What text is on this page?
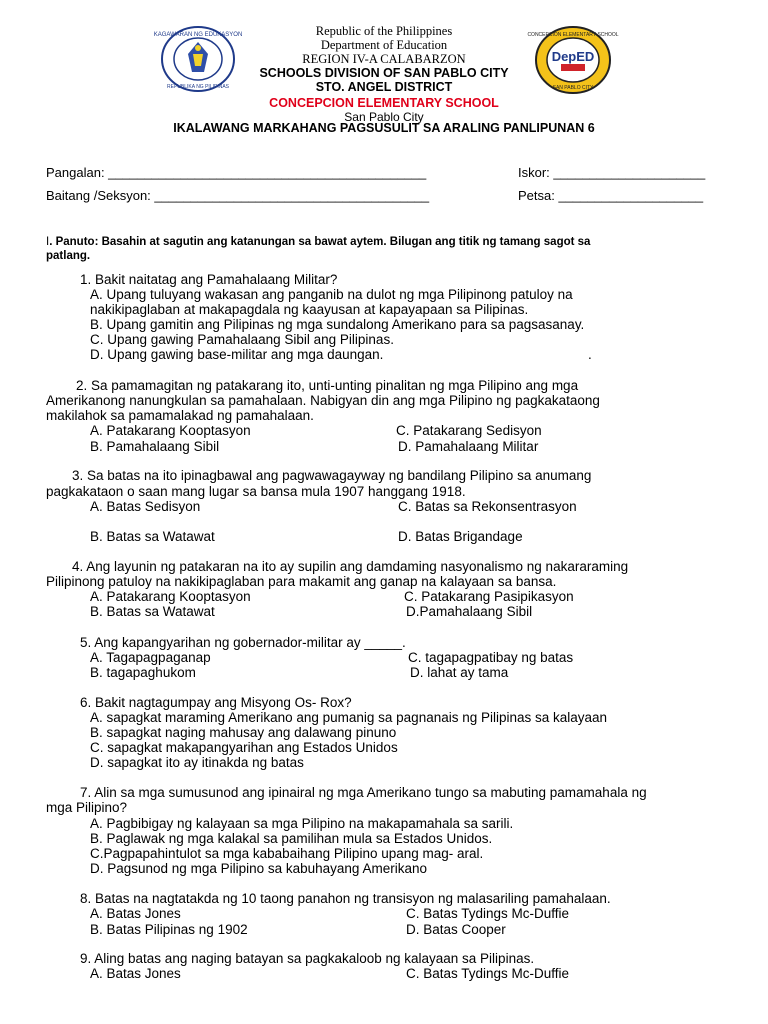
KAGAWARAN NG EDUKASYON
REPUBLIKA NG PILIPINAS
DepED
CONCEPCION ELEMENTARY SCHOOL
SAN PABLO CITY
Republic of the Philippines
Department of Education
REGION IV-A CALABARZON
SCHOOLS DIVISION OF SAN PABLO CITY
STO. ANGEL DISTRICT
CONCEPCION ELEMENTARY SCHOOL
San Pablo City
IKALAWANG MARKAHANG PAGSUSULIT SA ARALING PANLIPUNAN 6
Pangalan: ____________________________________________	Iskor: _____________________
Baitang /Seksyon: ______________________________________	Petsa: ____________________
I. Panuto: Basahin at sagutin ang katanungan sa bawat aytem. Bilugan ang titik ng tamang sagot sa
patlang.
1. Bakit naitatag ang Pamahalaang Militar?
A. Upang tuluyang wakasan ang panganib na dulot ng mga Pilipinong patuloy na
nakikipaglaban at makapagdala ng kaayusan at kapayapaan sa Pilipinas.
B. Upang gamitin ang Pilipinas ng mga sundalong Amerikano para sa pagsasanay.
C. Upang gawing Pamahalaang Sibil ang Pilipinas.
D. Upang gawing base-militar ang mga daungan.	.
2. Sa pamamagitan ng patakarang ito, unti-unting pinalitan ng mga Pilipino ang mga
Amerikanong nanungkulan sa pamahalaan. Nabigyan din ang mga Pilipino ng pagkakataong
makilahok sa pamamalakad ng pamahalaan.
A. Patakarang Kooptasyon	C. Patakarang Sedisyon
B. Pamahalaang Sibil	D. Pamahalaang Militar
3. Sa batas na ito ipinagbawal ang pagwawagayway ng bandilang Pilipino sa anumang
pagkakataon o saan mang lugar sa bansa mula 1907 hanggang 1918.
A. Batas Sedisyon	C. Batas sa Rekonsentrasyon
B. Batas sa Watawat	D. Batas Brigandage
4. Ang layunin ng patakaran na ito ay supilin ang damdaming nasyonalismo ng nakararaming
Pilipinong patuloy na nakikipaglaban para makamit ang ganap na kalayaan sa bansa.
A. Patakarang Kooptasyon	C. Patakarang Pasipikasyon
B. Batas sa Watawat	D.Pamahalaang Sibil
5. Ang kapangyarihan ng gobernador-militar ay _____.
A. Tagapagpaganap	C. tagapagpatibay ng batas
B. tagapaghukom	D. lahat ay tama
6. Bakit nagtagumpay ang Misyong Os- Rox?
A. sapagkat maraming Amerikano ang pumanig sa pagnanais ng Pilipinas sa kalayaan
B. sapagkat naging mahusay ang dalawang pinuno
C. sapagkat makapangyarihan ang Estados Unidos
D. sapagkat ito ay itinakda ng batas
7. Alin sa mga sumusunod ang ipinairal ng mga Amerikano tungo sa mabuting pamamahala ng
mga Pilipino?
A. Pagbibigay ng kalayaan sa mga Pilipino na makapamahala sa sarili.
B. Paglawak ng mga kalakal sa pamilihan mula sa Estados Unidos.
C.Pagpapahintulot sa mga kababaihang Pilipino upang mag- aral.
D. Pagsunod ng mga Pilipino sa kabuhayang Amerikano
8. Batas na nagtatakda ng 10 taong panahon ng transisyon ng malasariling pamahalaan.
A. Batas Jones	C. Batas Tydings Mc-Duffie
B. Batas Pilipinas ng 1902	D. Batas Cooper
9. Aling batas ang naging batayan sa pagkakaloob ng kalayaan sa Pilipinas.
A. Batas Jones	C. Batas Tydings Mc-Duffie
